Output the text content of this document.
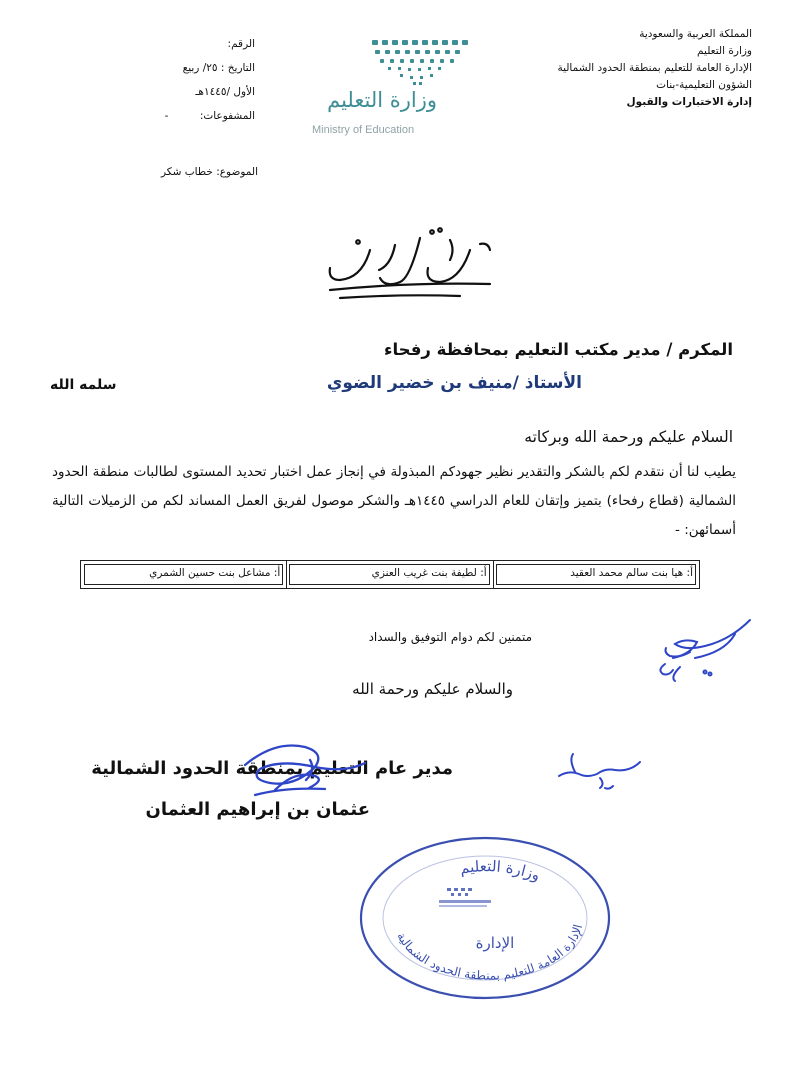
المملكة العربية والسعودية
وزارة التعليم
الإدارة العامة للتعليم بمنطقة الحدود الشمالية
الشؤون التعليمية-بنات
إدارة الاختبارات والقبول
الرقم:
التاريخ : ٢٥/ ربيع الأول /١٤٤٥هـ
المشفوعات: -
وزارة التعليم
Ministry of Education
الموضوع: خطاب شكر
المكرم / مدير مكتب التعليم بمحافظة رفحاء
الأستاذ /منيف بن خضير الضوي
سلمه الله
السلام عليكم ورحمة الله وبركاته
يطيب لنا أن نتقدم لكم بالشكر والتقدير نظير جهودكم المبذولة في إنجاز عمل اختبار تحديد المستوى لطالبات منطقة الحدود الشمالية (قطاع رفحاء) بتميز وإتقان للعام الدراسي ١٤٤٥هـ والشكر موصول لفريق العمل المساند لكم من الزميلات التالية أسمائهن: -
أ: هيا بنت سالم محمد العقيد
أ: لطيفة بنت غريب العنزي
أ: مشاعل بنت حسين الشمري
متمنين لكم دوام التوفيق والسداد
والسلام عليكم ورحمة الله
مدير عام التعليم بمنطقة الحدود الشمالية
عثمان بن إبراهيم العثمان
وزارة التعليم
الإدارة
الإدارة العامة للتعليم بمنطقة الحدود الشمالية
